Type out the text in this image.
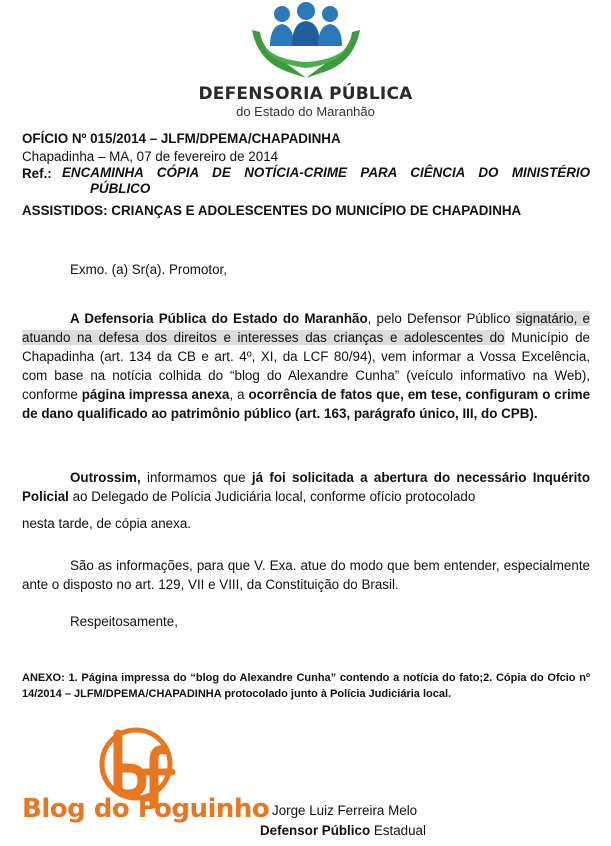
DEFENSORIA PÚBLICA
do Estado do Maranhão
OFÍCIO Nº 015/2014 – JLFM/DPEMA/CHAPADINHA
Chapadinha – MA, 07 de fevereiro de 2014
Ref.: ENCAMINHA CÓPIA DE NOTÍCIA-CRIME PARA CIÊNCIA DO MINISTÉRIO
PÚBLICO
ASSISTIDOS: CRIANÇAS E ADOLESCENTES DO MUNICÍPIO DE CHAPADINHA
Exmo. (a) Sr(a). Promotor,
A Defensoria Pública do Estado do Maranhão, pelo Defensor Público signatário, e atuando na defesa dos direitos e interesses das crianças e adolescentes do Município de Chapadinha (art. 134 da CB e art. 4º, XI, da LCF 80/94), vem informar a Vossa Excelência, com base na notícia colhida do “blog do Alexandre Cunha” (veículo informativo na Web), conforme página impressa anexa, a ocorrência de fatos que, em tese, configuram o crime de dano qualificado ao patrimônio público (art. 163, parágrafo único, III, do CPB).
Outrossim, informamos que já foi solicitada a abertura do necessário Inquérito Policial ao Delegado de Polícia Judiciária local, conforme ofício protocolado
nesta tarde, de cópia anexa.
São as informações, para que V. Exa. atue do modo que bem entender, especialmente ante o disposto no art. 129, VII e VIII, da Constituição do Brasil.
Respeitosamente,
ANEXO: 1. Página impressa do “blog do Alexandre Cunha” contendo a notícia do fato;2. Cópia do Ofcio nº 14/2014 – JLFM/DPEMA/CHAPADINHA protocolado junto à Polícia Judiciária local.
Blog do Foguinho Jorge Luiz Ferreira Melo
Defensor Público Estadual
